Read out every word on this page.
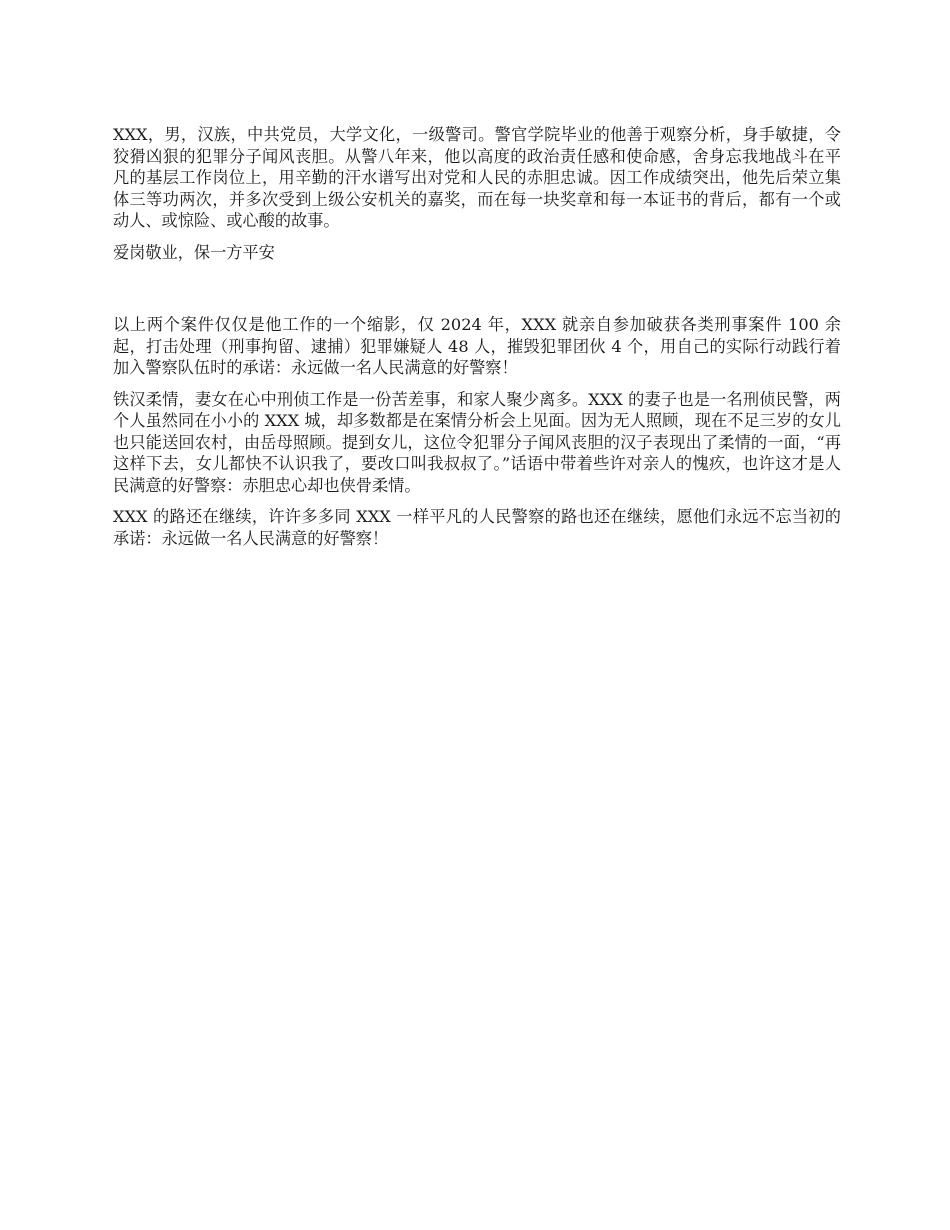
XXX，男，汉族，中共党员，大学文化，一级警司。警官学院毕业的他善于观察分析，身手敏捷，令狡猾凶狠的犯罪分子闻风丧胆。从警八年来，他以高度的政治责任感和使命感，舍身忘我地战斗在平凡的基层工作岗位上，用辛勤的汗水谱写出对党和人民的赤胆忠诚。因工作成绩突出，他先后荣立集体三等功两次，并多次受到上级公安机关的嘉奖，而在每一块奖章和每一本证书的背后，都有一个或动人、或惊险、或心酸的故事。

爱岗敬业，保一方平安

以上两个案件仅仅是他工作的一个缩影，仅 2024 年，XXX 就亲自参加破获各类刑事案件 100 余起，打击处理（刑事拘留、逮捕）犯罪嫌疑人 48 人，摧毁犯罪团伙 4 个，用自己的实际行动践行着加入警察队伍时的承诺：永远做一名人民满意的好警察！

铁汉柔情，妻女在心中刑侦工作是一份苦差事，和家人聚少离多。XXX 的妻子也是一名刑侦民警，两个人虽然同在小小的 XXX 城，却多数都是在案情分析会上见面。因为无人照顾，现在不足三岁的女儿也只能送回农村，由岳母照顾。提到女儿，这位令犯罪分子闻风丧胆的汉子表现出了柔情的一面，“再这样下去，女儿都快不认识我了，要改口叫我叔叔了。”话语中带着些许对亲人的愧疚，也许这才是人民满意的好警察：赤胆忠心却也侠骨柔情。

XXX 的路还在继续，许许多多同 XXX 一样平凡的人民警察的路也还在继续，愿他们永远不忘当初的承诺：永远做一名人民满意的好警察！
